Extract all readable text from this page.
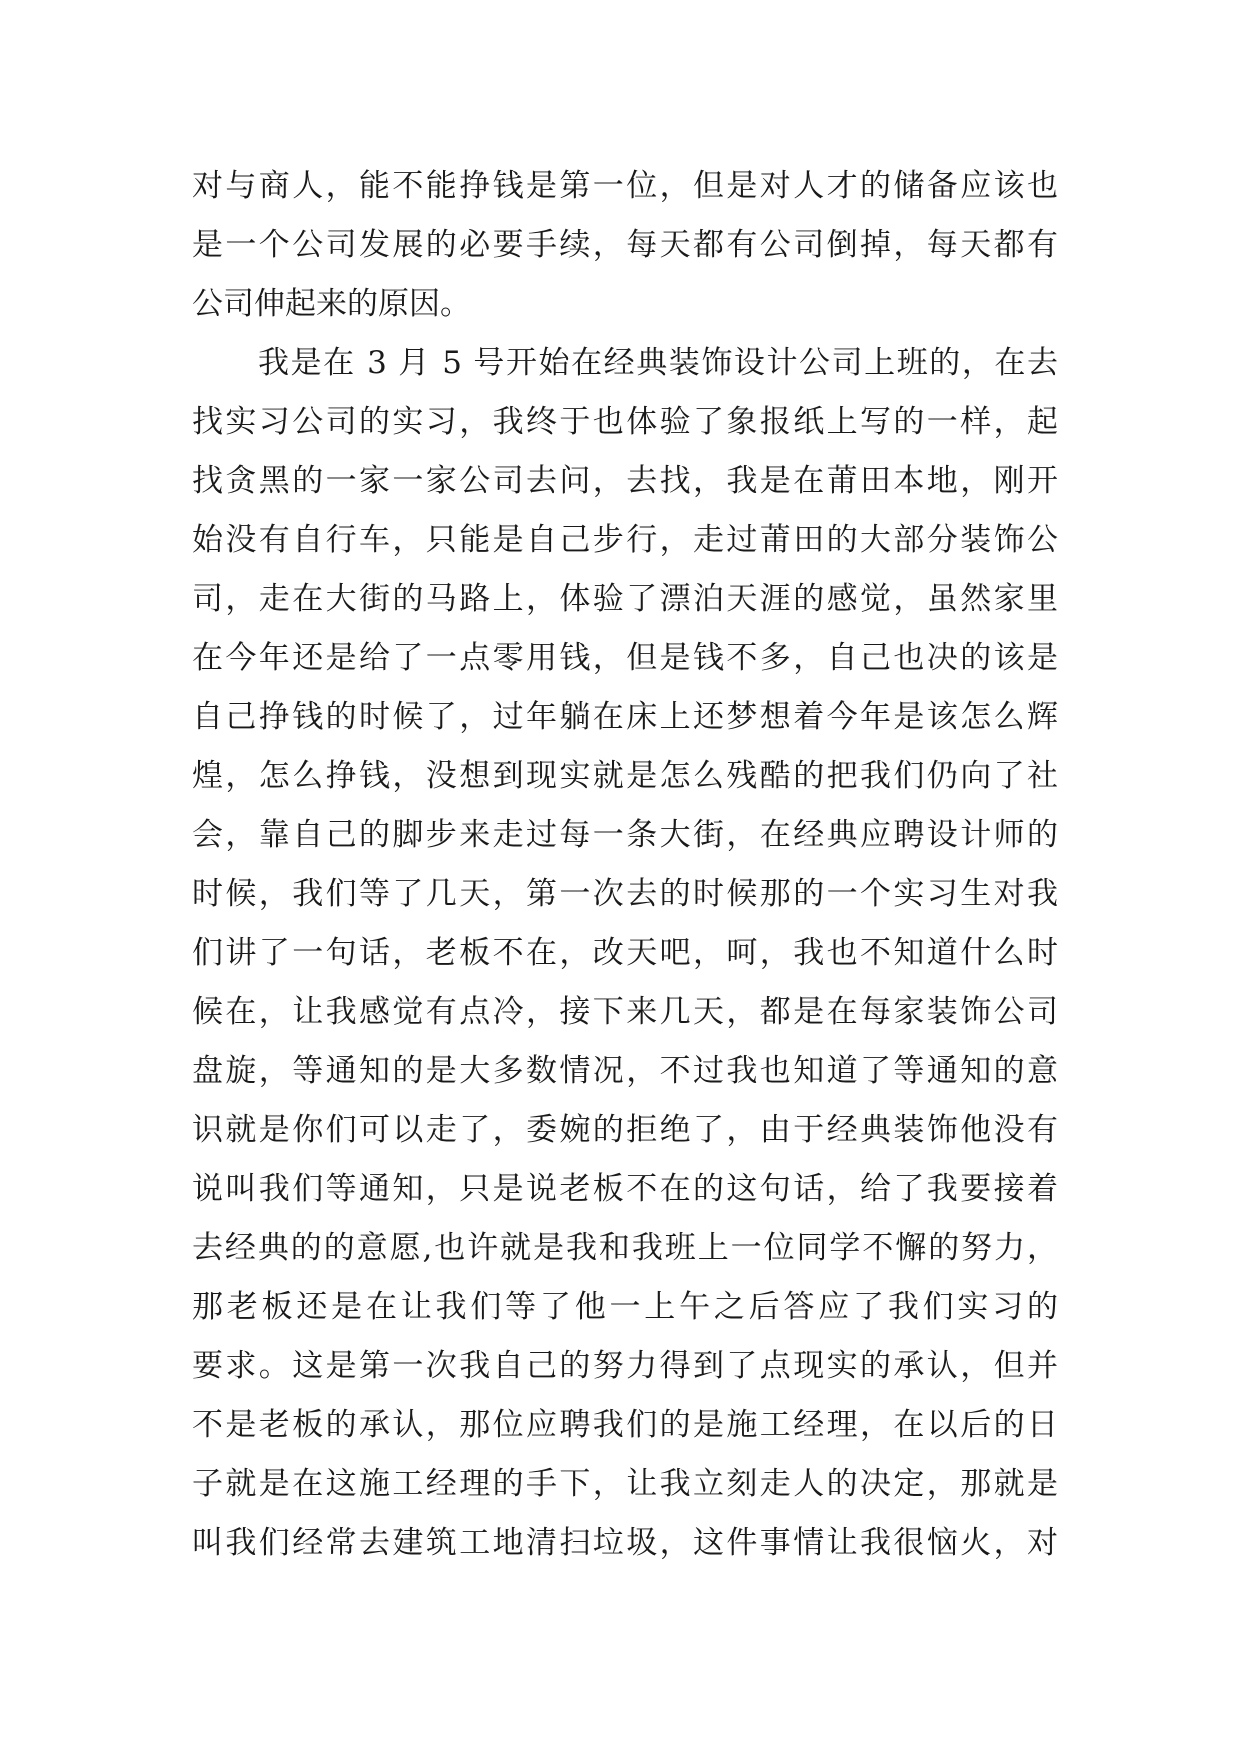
对与商人，能不能挣钱是第一位，但是对人才的储备应该也
是一个公司发展的必要手续，每天都有公司倒掉，每天都有
公司伸起来的原因。
我是在 3 月 5 号开始在经典装饰设计公司上班的，在去
找实习公司的实习，我终于也体验了象报纸上写的一样，起
找贪黑的一家一家公司去问，去找，我是在莆田本地，刚开
始没有自行车，只能是自己步行，走过莆田的大部分装饰公
司，走在大街的马路上，体验了漂泊天涯的感觉，虽然家里
在今年还是给了一点零用钱，但是钱不多，自己也决的该是
自己挣钱的时候了，过年躺在床上还梦想着今年是该怎么辉
煌，怎么挣钱，没想到现实就是怎么残酷的把我们仍向了社
会，靠自己的脚步来走过每一条大街，在经典应聘设计师的
时候，我们等了几天，第一次去的时候那的一个实习生对我
们讲了一句话，老板不在，改天吧，呵，我也不知道什么时
候在，让我感觉有点冷，接下来几天，都是在每家装饰公司
盘旋，等通知的是大多数情况，不过我也知道了等通知的意
识就是你们可以走了，委婉的拒绝了，由于经典装饰他没有
说叫我们等通知，只是说老板不在的这句话，给了我要接着
去经典的的意愿,也许就是我和我班上一位同学不懈的努力，
那老板还是在让我们等了他一上午之后答应了我们实习的
要求。这是第一次我自己的努力得到了点现实的承认，但并
不是老板的承认，那位应聘我们的是施工经理，在以后的日
子就是在这施工经理的手下，让我立刻走人的决定，那就是
叫我们经常去建筑工地清扫垃圾，这件事情让我很恼火，对
